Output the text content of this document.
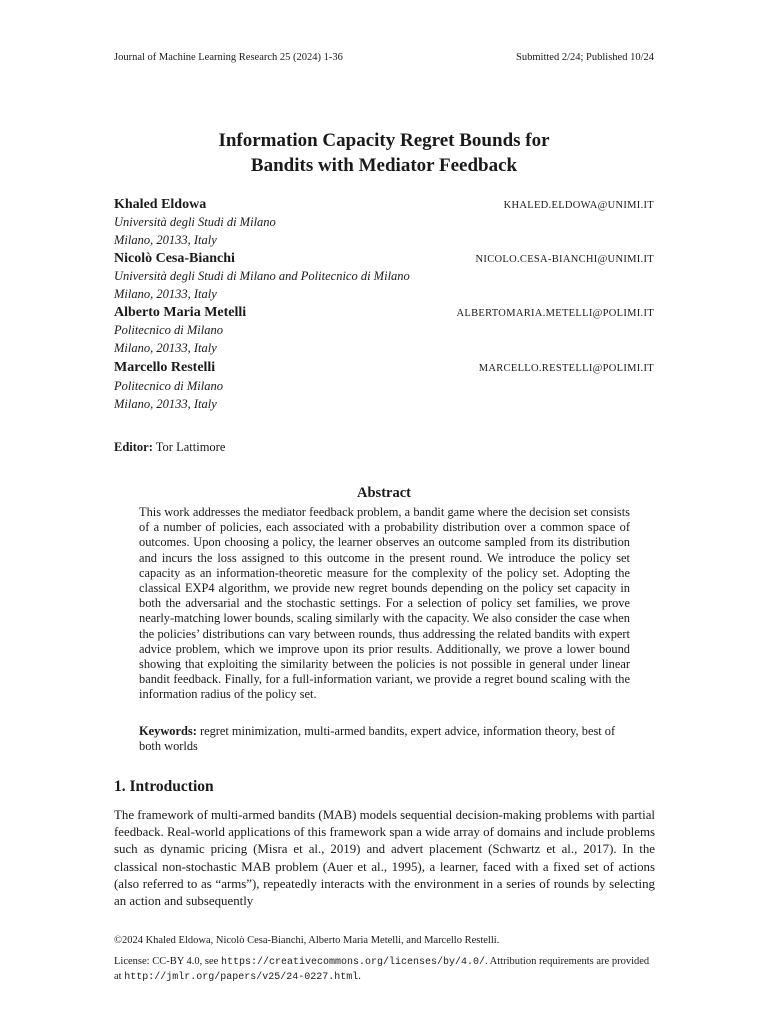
Journal of Machine Learning Research 25 (2024) 1-36	Submitted 2/24; Published 10/24
Information Capacity Regret Bounds for
Bandits with Mediator Feedback
Khaled Eldowa	KHALED.ELDOWA@UNIMI.IT
Università degli Studi di Milano
Milano, 20133, Italy
Nicolò Cesa-Bianchi	NICOLO.CESA-BIANCHI@UNIMI.IT
Università degli Studi di Milano and Politecnico di Milano
Milano, 20133, Italy
Alberto Maria Metelli	ALBERTOMARIA.METELLI@POLIMI.IT
Politecnico di Milano
Milano, 20133, Italy
Marcello Restelli	MARCELLO.RESTELLI@POLIMI.IT
Politecnico di Milano
Milano, 20133, Italy
Editor: Tor Lattimore
Abstract
This work addresses the mediator feedback problem, a bandit game where the decision set consists of a number of policies, each associated with a probability distribution over a common space of outcomes. Upon choosing a policy, the learner observes an outcome sampled from its distribution and incurs the loss assigned to this outcome in the present round. We introduce the policy set capacity as an information-theoretic measure for the complexity of the policy set. Adopting the classical EXP4 algorithm, we provide new regret bounds depending on the policy set capacity in both the adversarial and the stochastic settings. For a selection of policy set families, we prove nearly-matching lower bounds, scaling similarly with the capacity. We also consider the case when the policies’ distributions can vary between rounds, thus addressing the related bandits with expert advice problem, which we improve upon its prior results. Additionally, we prove a lower bound showing that exploiting the similarity between the policies is not possible in general under linear bandit feedback. Finally, for a full-information variant, we provide a regret bound scaling with the information radius of the policy set.
Keywords: regret minimization, multi-armed bandits, expert advice, information theory, best of both worlds
1. Introduction
The framework of multi-armed bandits (MAB) models sequential decision-making problems with partial feedback. Real-world applications of this framework span a wide array of domains and include problems such as dynamic pricing (Misra et al., 2019) and advert placement (Schwartz et al., 2017). In the classical non-stochastic MAB problem (Auer et al., 1995), a learner, faced with a fixed set of actions (also referred to as “arms”), repeatedly interacts with the environment in a series of rounds by selecting an action and subsequently
©2024 Khaled Eldowa, Nicolò Cesa-Bianchi, Alberto Maria Metelli, and Marcello Restelli.
License: CC-BY 4.0, see https://creativecommons.org/licenses/by/4.0/. Attribution requirements are provided at http://jmlr.org/papers/v25/24-0227.html.
